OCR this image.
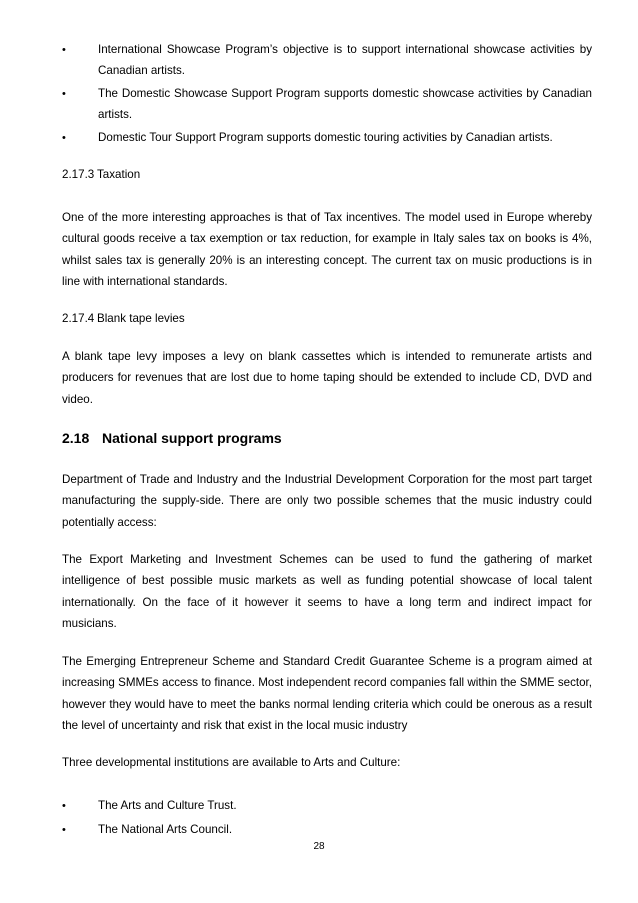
•	International Showcase Program’s objective is to support international showcase activities by Canadian artists.
•	The Domestic Showcase Support Program supports domestic showcase activities by Canadian artists.
•	Domestic Tour Support Program supports domestic touring activities by Canadian artists.

2.17.3 Taxation

One of the more interesting approaches is that of Tax incentives. The model used in Europe whereby cultural goods receive a tax exemption or tax reduction, for example in Italy sales tax on books is 4%, whilst sales tax is generally 20% is an interesting concept. The current tax on music productions is in line with international standards.

2.17.4 Blank tape levies

A blank tape levy imposes a levy on blank cassettes which is intended to remunerate artists and producers for revenues that are lost due to home taping should be extended to include CD, DVD and video.

2.18 National support programs

Department of Trade and Industry and the Industrial Development Corporation for the most part target manufacturing the supply-side. There are only two possible schemes that the music industry could potentially access:

The Export Marketing and Investment Schemes can be used to fund the gathering of market intelligence of best possible music markets as well as funding potential showcase of local talent internationally. On the face of it however it seems to have a long term and indirect impact for musicians.

The Emerging Entrepreneur Scheme and Standard Credit Guarantee Scheme is a program aimed at increasing SMMEs access to finance. Most independent record companies fall within the SMME sector, however they would have to meet the banks normal lending criteria which could be onerous as a result the level of uncertainty and risk that exist in the local music industry

Three developmental institutions are available to Arts and Culture:

•	The Arts and Culture Trust.
•	The National Arts Council.
28
